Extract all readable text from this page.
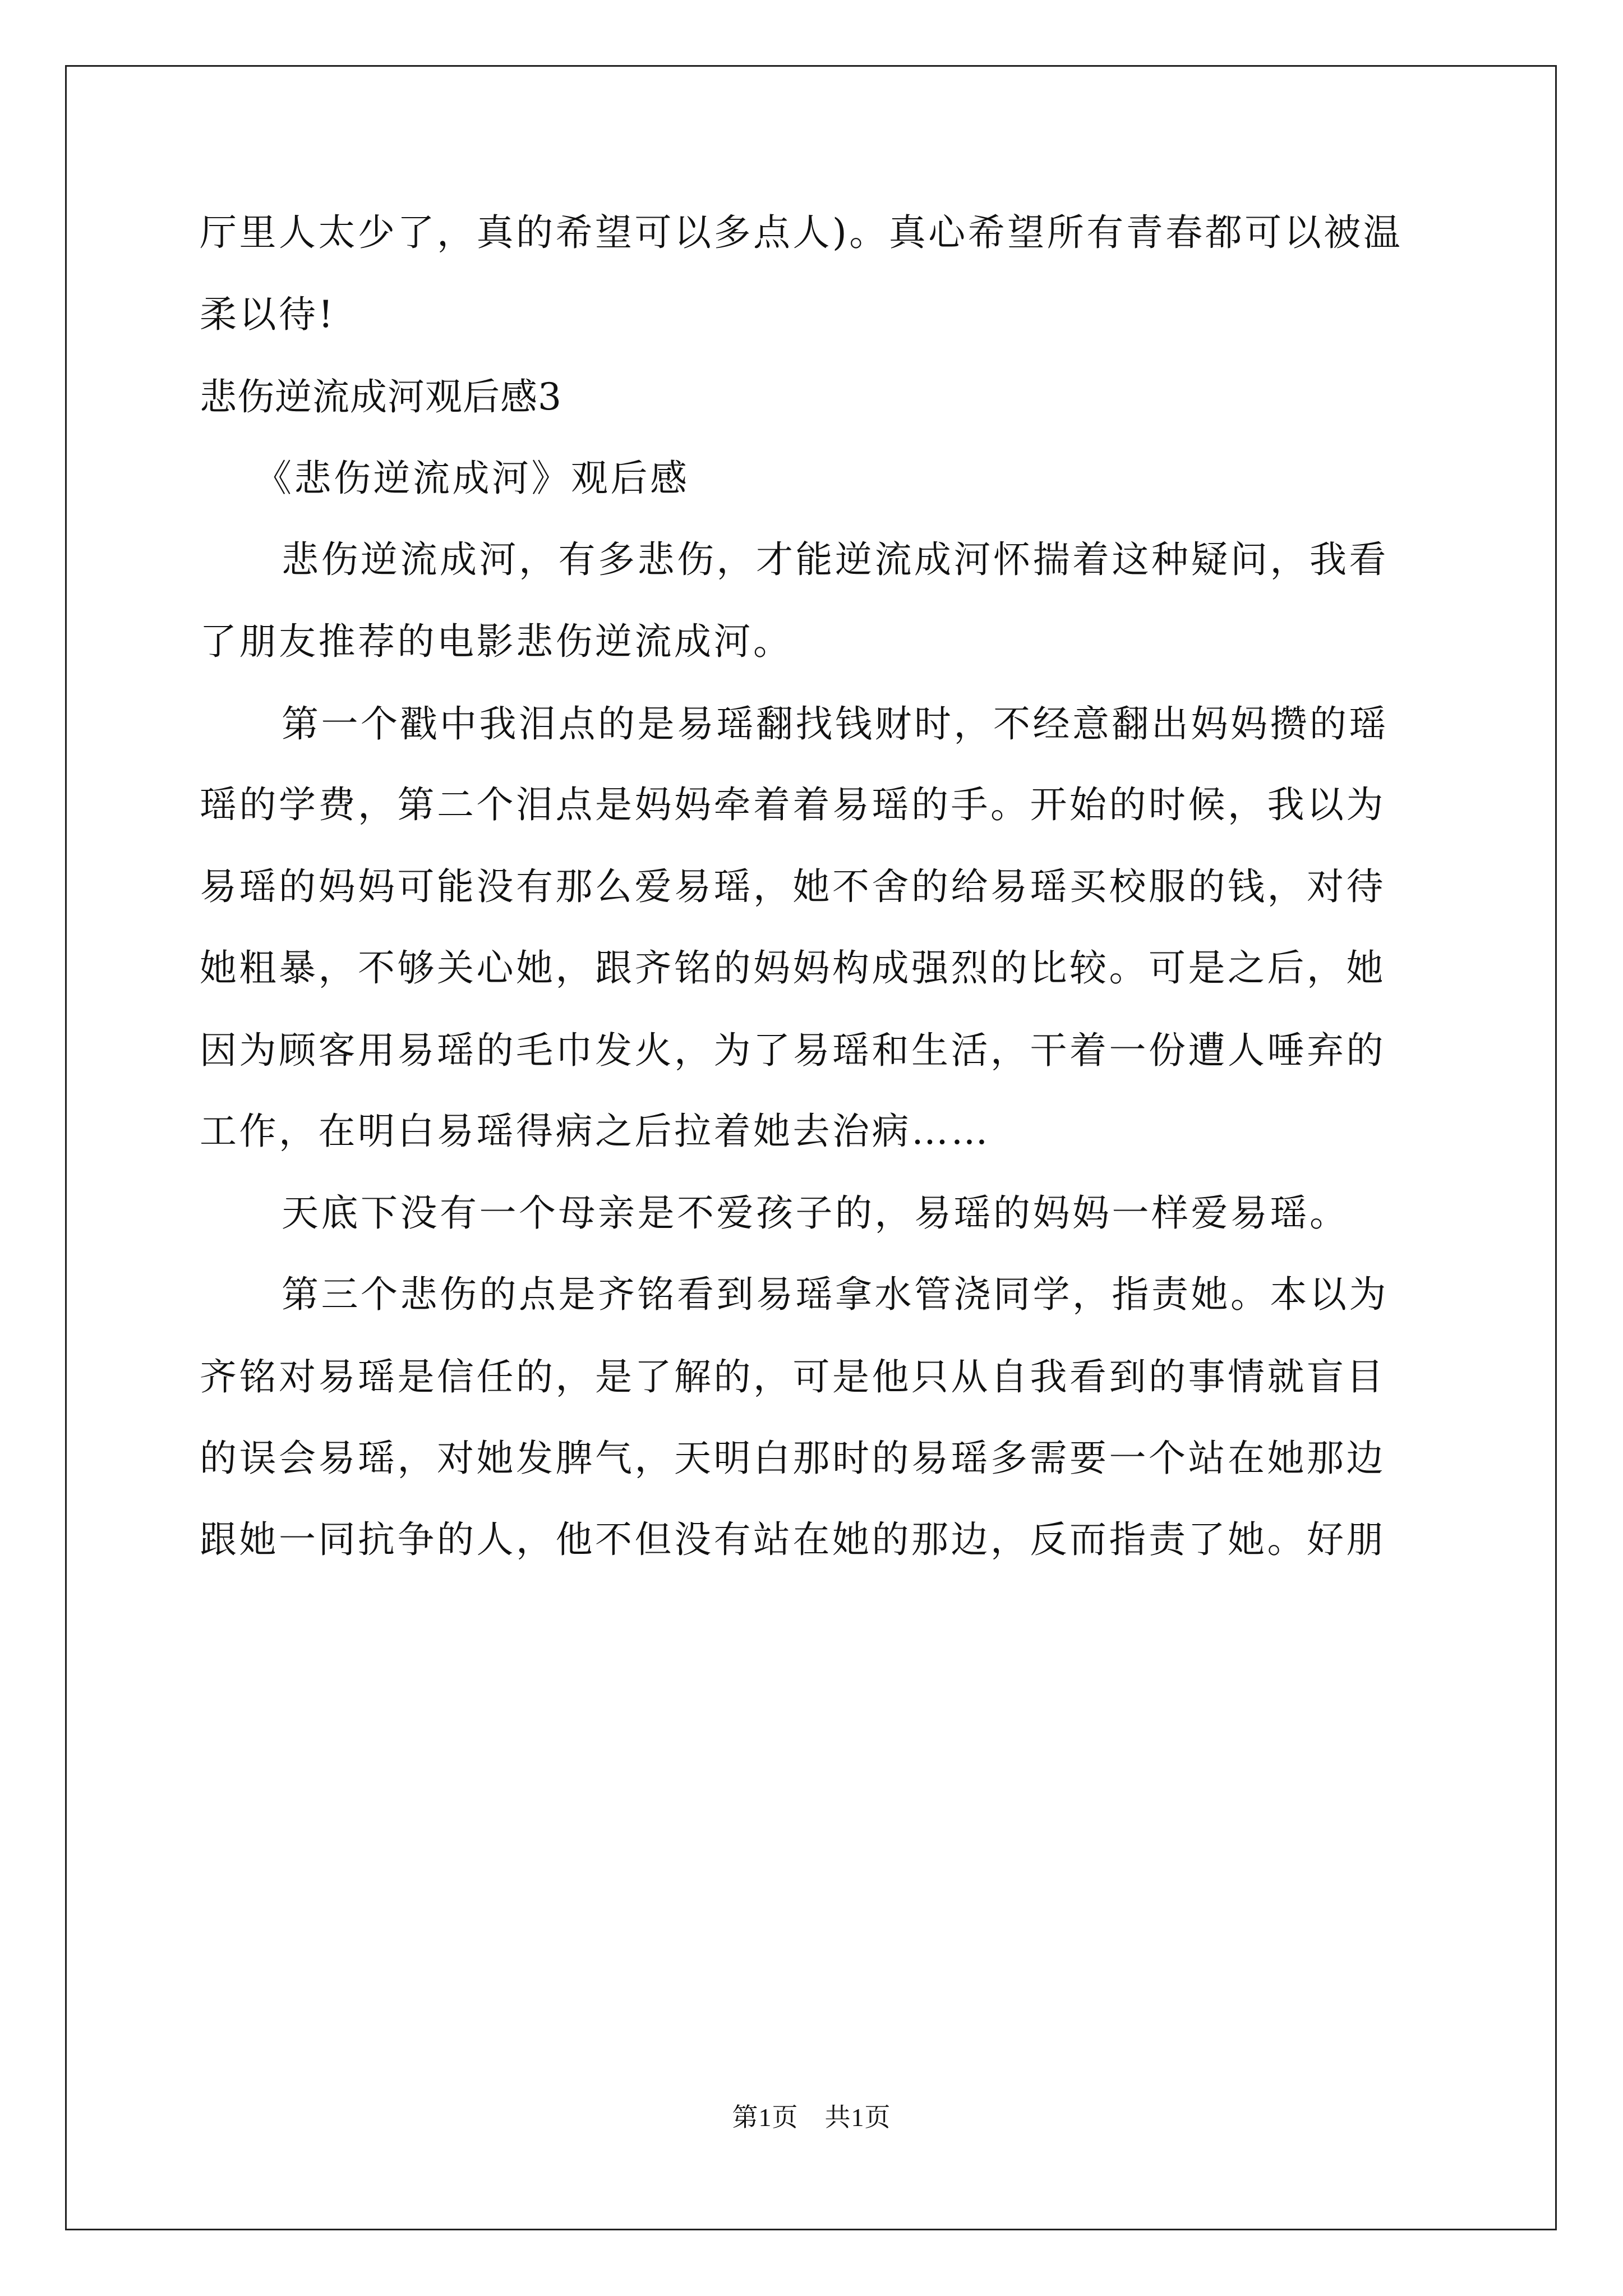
厅里人太少了，真的希望可以多点人)。真心希望所有青春都可以被温
柔以待!
悲伤逆流成河观后感3
《悲伤逆流成河》观后感
悲伤逆流成河，有多悲伤，才能逆流成河怀揣着这种疑问，我看
了朋友推荐的电影悲伤逆流成河。
第一个戳中我泪点的是易瑶翻找钱财时，不经意翻出妈妈攒的瑶
瑶的学费，第二个泪点是妈妈牵着着易瑶的手。开始的时候，我以为
易瑶的妈妈可能没有那么爱易瑶，她不舍的给易瑶买校服的钱，对待
她粗暴，不够关心她，跟齐铭的妈妈构成强烈的比较。可是之后，她
因为顾客用易瑶的毛巾发火，为了易瑶和生活，干着一份遭人唾弃的
工作，在明白易瑶得病之后拉着她去治病……
天底下没有一个母亲是不爱孩子的，易瑶的妈妈一样爱易瑶。
第三个悲伤的点是齐铭看到易瑶拿水管浇同学，指责她。本以为
齐铭对易瑶是信任的，是了解的，可是他只从自我看到的事情就盲目
的误会易瑶，对她发脾气，天明白那时的易瑶多需要一个站在她那边
跟她一同抗争的人，他不但没有站在她的那边，反而指责了她。好朋
第1页　共1页
